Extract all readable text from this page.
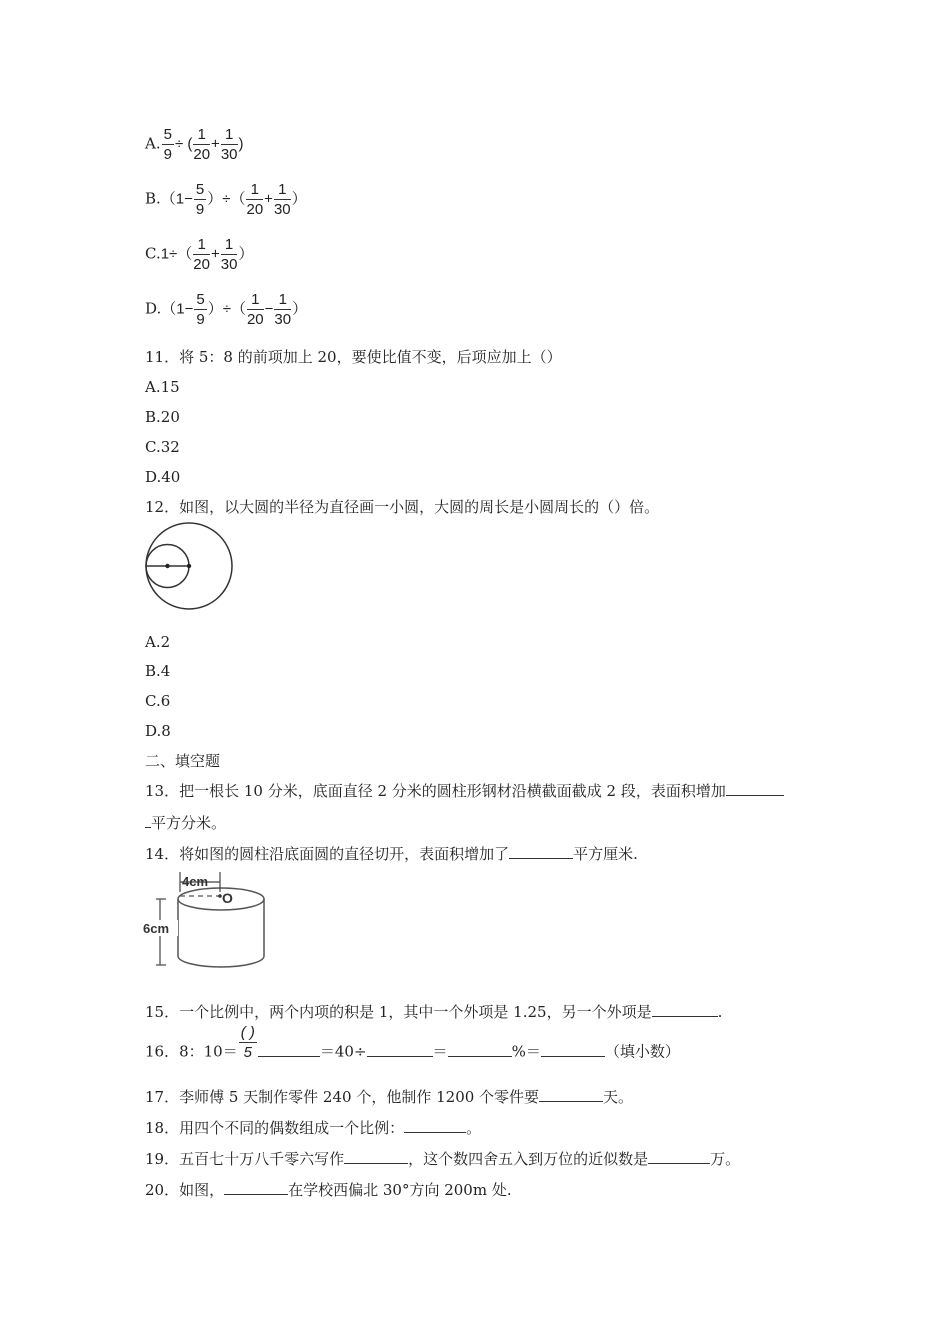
A. $\frac{5}{9}$ ÷ ( $\frac{1}{20} + \frac{1}{30}$ )
$B.(1- \frac{5}{9}$ ）÷（ $\frac{1}{20} + \frac{1}{30}$ ）
$C.1\div( \frac{1}{20} + \frac{1}{30}$ ）
$D.(1- \frac{5}{9}$ ）÷（ $\frac{1}{20} - \frac{1}{30}$ ）
11．将 5：8 的前项加上 20，要使比值不变，后项应加上（）
A.15
B.20
C.32
D.40
12．如图，以大圆的半径为直径画一小圆，大圆的周长是小圆周长的（）倍。
A.2
B.4
C.6
D.8
二、填空题
13．把一根长 10 分米，底面直径 2 分米的圆柱形钢材沿横截面截成 2 段，表面积增加
平方分米。
14．将如图的圆柱沿底面圆的直径切开，表面积增加了	平方厘米.
4cm
O
6cm
15．一个比例中，两个内项的积是 1，其中一个外项是 1.25，另一个外项是	.
16．8：$10= \frac{( )}{5}$	＝40÷	＝	%＝	（填小数）
17．李师傅 5 天制作零件 240 个，他制作 1200 个零件要	天。
18．用四个不同的偶数组成一个比例：	。
19．五百七十万八千零六写作	，这个数四舍五入到万位的近似数是	万。
20．如图，	在学校西偏北 30°方向 200m 处.
